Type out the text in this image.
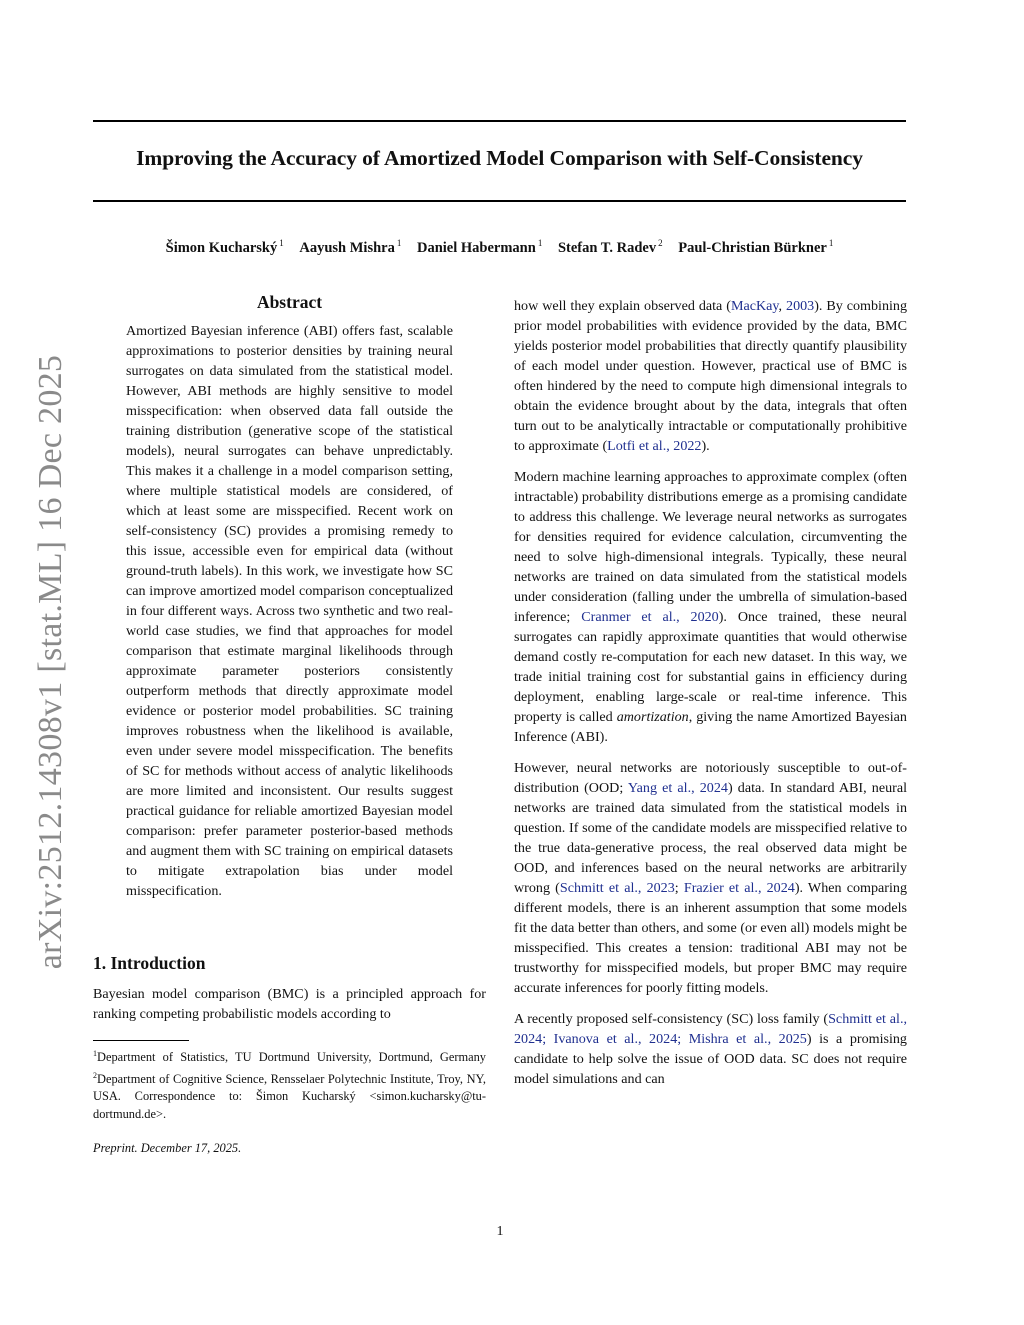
Improving the Accuracy of Amortized Model Comparison with Self-Consistency
Šimon Kucharský $^1$ Aayush Mishra $^1$ Daniel Habermann $^1$ Stefan T. Radev $^2$ Paul-Christian Bürkner $^1$
arXiv:2512.14308v1 [stat.ML] 16 Dec 2025
Abstract

Amortized Bayesian inference (ABI) offers fast, scalable approximations to posterior densities by training neural surrogates on data simulated from the statistical model. However, ABI methods are highly sensitive to model misspecification: when observed data fall outside the training distribution (generative scope of the statistical models), neural surrogates can behave unpredictably. This makes it a challenge in a model comparison setting, where multiple statistical models are considered, of which at least some are misspecified. Recent work on self-consistency (SC) provides a promising remedy to this issue, accessible even for empirical data (without ground-truth labels). In this work, we investigate how SC can improve amortized model comparison conceptualized in four different ways. Across two synthetic and two real-world case studies, we find that approaches for model comparison that estimate marginal likelihoods through approximate parameter posteriors consistently outperform methods that directly approximate model evidence or posterior model probabilities. SC training improves robustness when the likelihood is available, even under severe model misspecification. The benefits of SC for methods without access of analytic likelihoods are more limited and inconsistent. Our results suggest practical guidance for reliable amortized Bayesian model comparison: prefer parameter posterior-based methods and augment them with SC training on empirical datasets to mitigate extrapolation bias under model misspecification.

1. Introduction

Bayesian model comparison (BMC) is a principled approach for ranking competing probabilistic models according to

$^1$Department of Statistics, TU Dortmund University, Dortmund, Germany $^2$Department of Cognitive Science, Rensselaer Polytechnic Institute, Troy, NY, USA. Correspondence to: Šimon Kucharský <simon.kucharsky@tu-dortmund.de>.

Preprint. December 17, 2025.

how well they explain observed data (MacKay, 2003). By combining prior model probabilities with evidence provided by the data, BMC yields posterior model probabilities that directly quantify plausibility of each model under question. However, practical use of BMC is often hindered by the need to compute high dimensional integrals to obtain the evidence brought about by the data, integrals that often turn out to be analytically intractable or computationally prohibitive to approximate (Lotfi et al., 2022).

Modern machine learning approaches to approximate complex (often intractable) probability distributions emerge as a promising candidate to address this challenge. We leverage neural networks as surrogates for densities required for evidence calculation, circumventing the need to solve high-dimensional integrals. Typically, these neural networks are trained on data simulated from the statistical models under consideration (falling under the umbrella of simulation-based inference; Cranmer et al., 2020). Once trained, these neural surrogates can rapidly approximate quantities that would otherwise demand costly re-computation for each new dataset. In this way, we trade initial training cost for substantial gains in efficiency during deployment, enabling large-scale or real-time inference. This property is called amortization, giving the name Amortized Bayesian Inference (ABI).

However, neural networks are notoriously susceptible to out-of-distribution (OOD; Yang et al., 2024) data. In standard ABI, neural networks are trained data simulated from the statistical models in question. If some of the candidate models are misspecified relative to the true data-generative process, the real observed data might be OOD, and inferences based on the neural networks are arbitrarily wrong (Schmitt et al., 2023; Frazier et al., 2024). When comparing different models, there is an inherent assumption that some models fit the data better than others, and some (or even all) models might be misspecified. This creates a tension: traditional ABI may not be trustworthy for misspecified models, but proper BMC may require accurate inferences for poorly fitting models.

A recently proposed self-consistency (SC) loss family (Schmitt et al., 2024; Ivanova et al., 2024; Mishra et al., 2025) is a promising candidate to help solve the issue of OOD data. SC does not require model simulations and can

1
